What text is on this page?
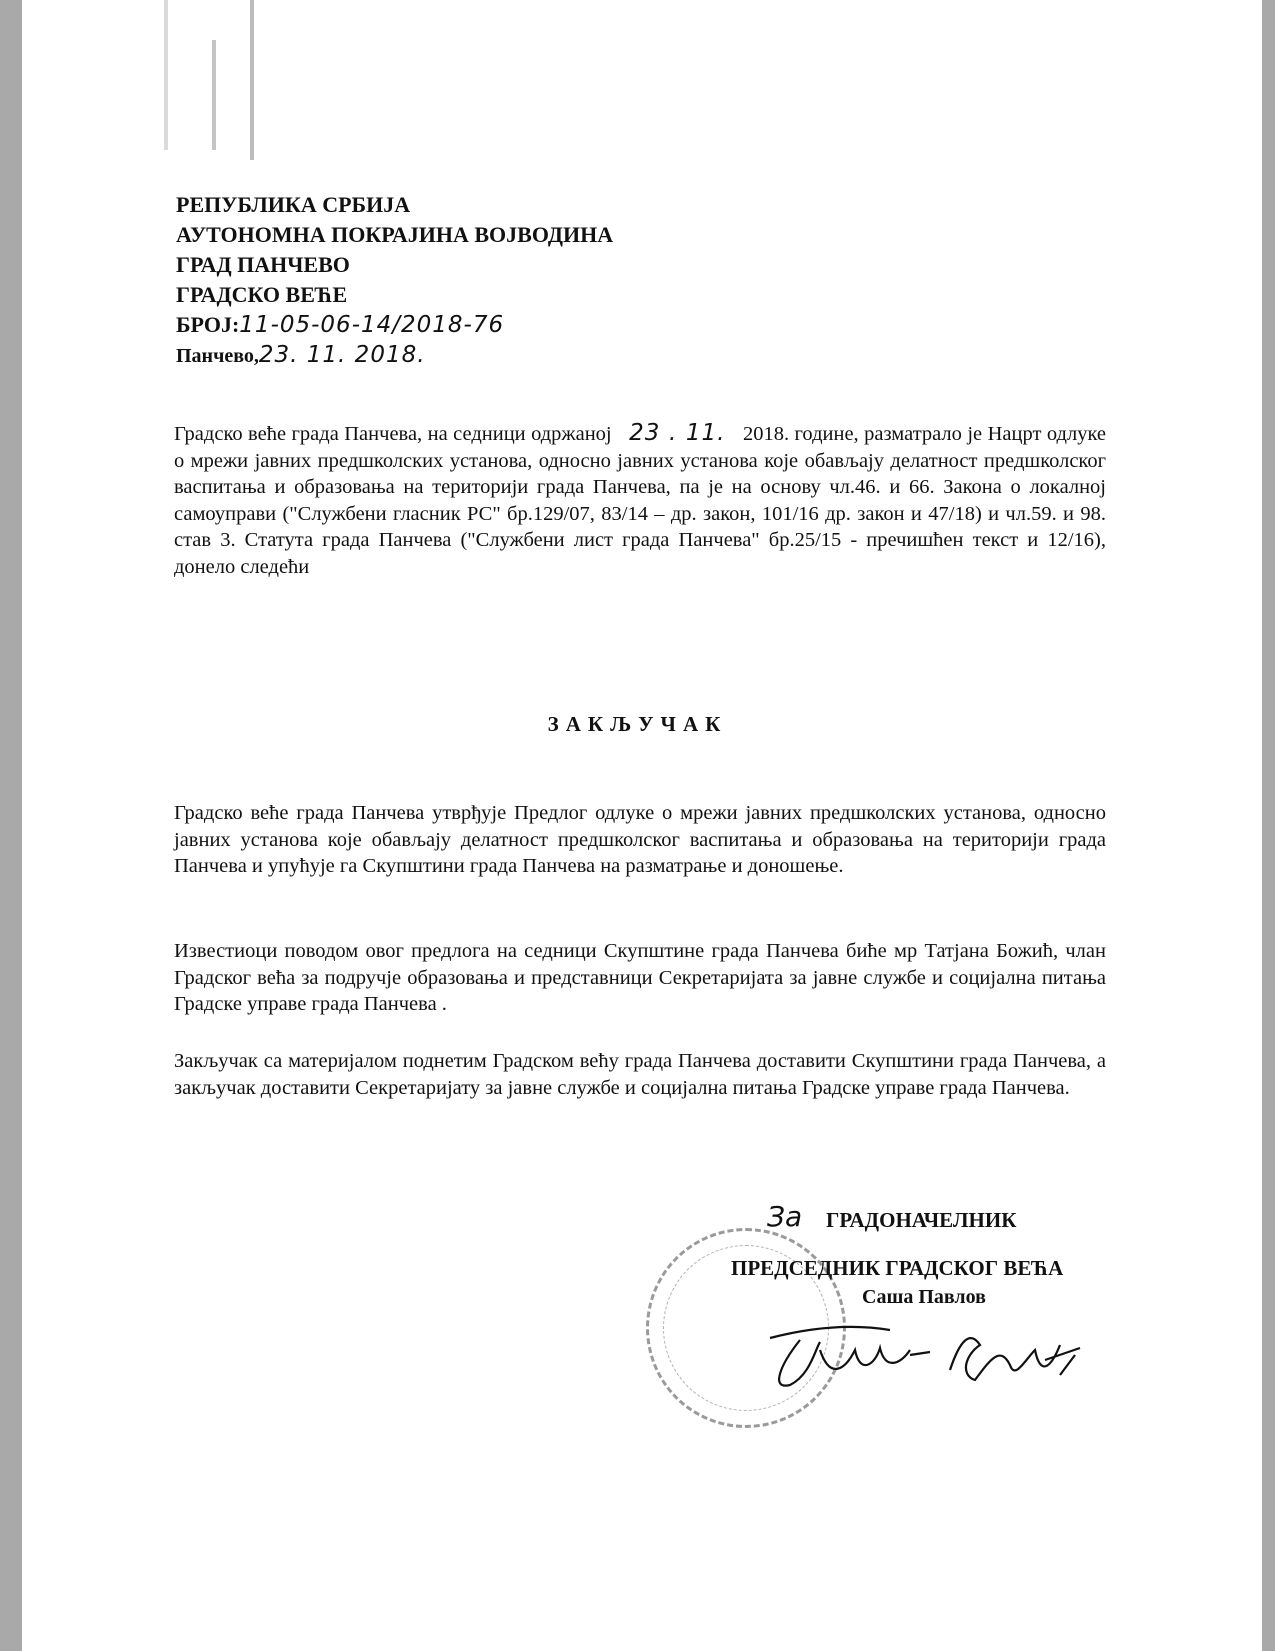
РЕПУБЛИКА СРБИЈА
АУТОНОМНА ПОКРАЈИНА ВОЈВОДИНА
ГРАД ПАНЧЕВО
ГРАДСКО ВЕЋЕ
БРОЈ:11-05-06-14/2018-76
Панчево,23. 11. 2018.
Градско веће града Панчева, на седници одржаној 23 . 11. 2018. године, разматрало је Нацрт одлуке о мрежи јавних предшколских установа, односно јавних установа које обављају делатност предшколског васпитања и образовања на територији града Панчева, па је на основу чл.46. и 66. Закона о локалној самоуправи ("Службени гласник РС" бр.129/07, 83/14 – др. закон, 101/16 др. закон и 47/18) и чл.59. и 98. став 3. Статута града Панчева ("Службени лист града Панчева" бр.25/15 - пречишћен текст и 12/16), донело следећи
ЗАКЉУЧАК
Градско веће града Панчева утврђује Предлог одлуке о мрежи јавних предшколских установа, односно јавних установа које обављају делатност предшколског васпитања и образовања на територији града Панчева и упућује га Скупштини града Панчева на разматрање и доношење.
Известиоци поводом овог предлога на седници Скупштине града Панчева биће мр Татјана Божић, члан Градског већа за подручје образовања и представници Секретаријата за јавне службе и социјална питања Градске управе града Панчева .
Закључак са материјалом поднетим Градском већу града Панчева доставити Скупштини града Панчева, а закључак доставити Секретаријату за јавне службе и социјална питања Градске управе града Панчева.
За ГРАДОНАЧЕЛНИК
ПРЕДСЕДНИК ГРАДСКОГ ВЕЋА
Саша Павлов
